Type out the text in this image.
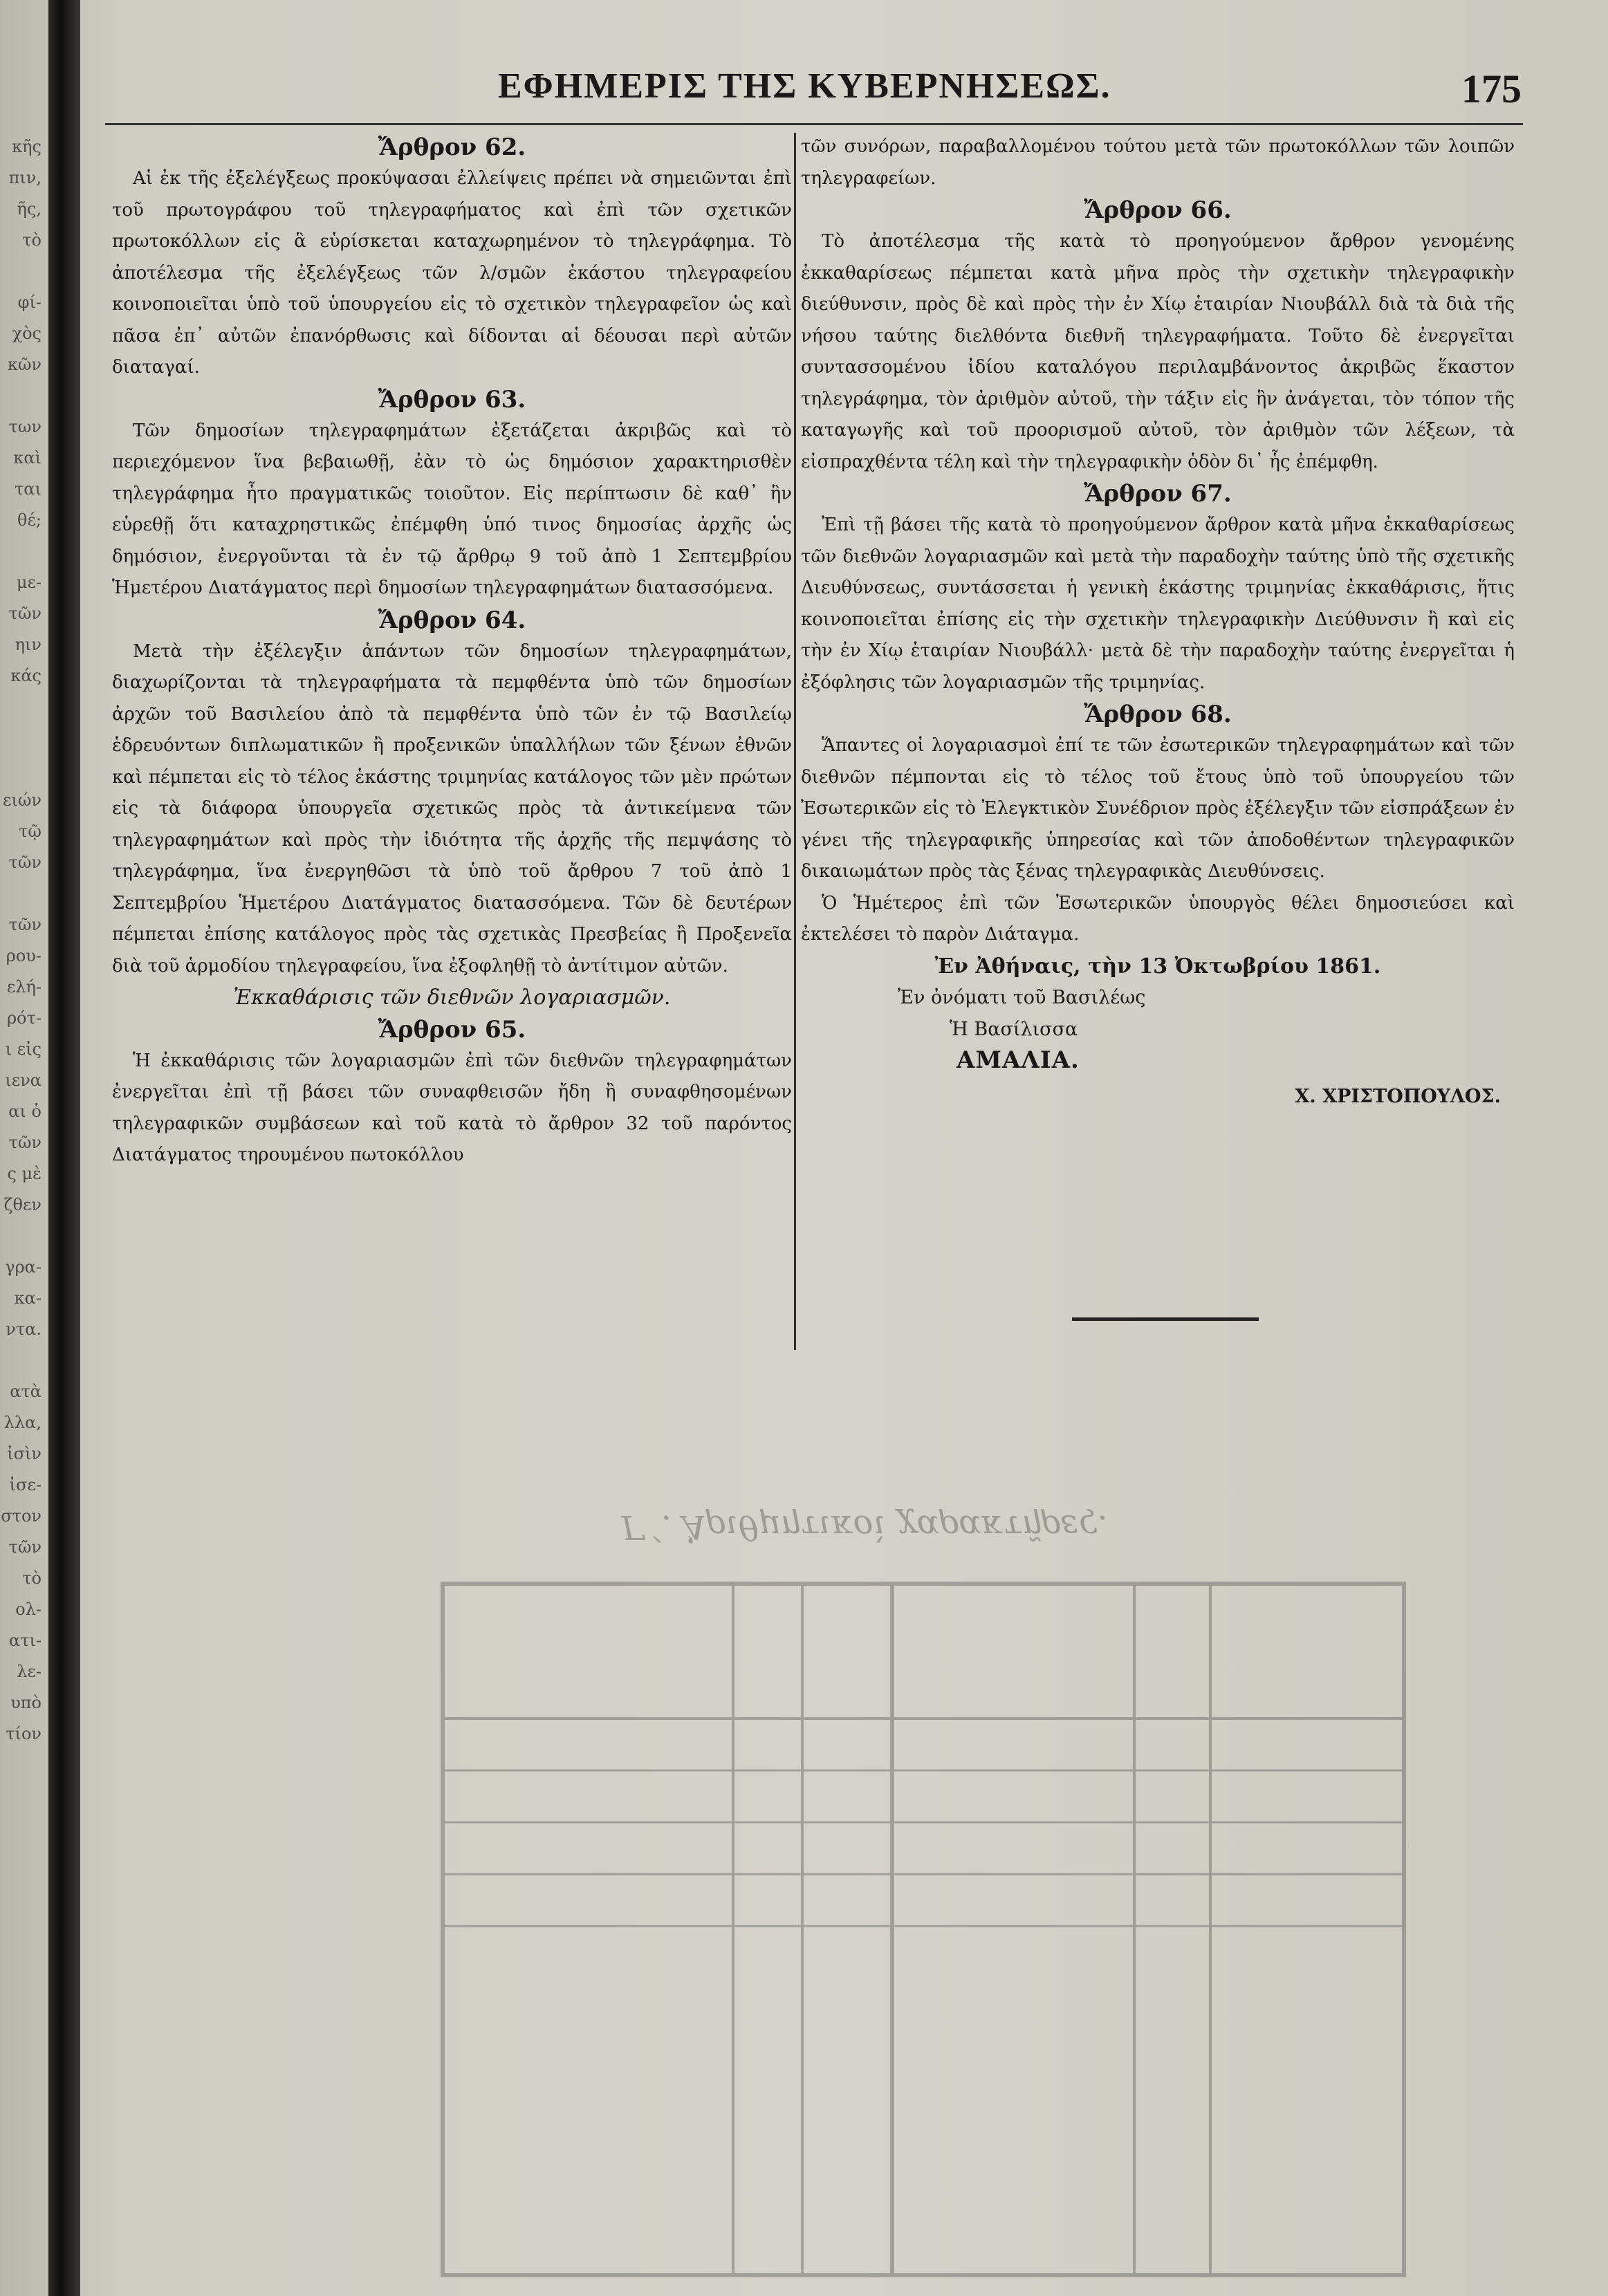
κῆς
πιν,
ῆς,
τὸ
φί-
χὸς
κῶν
των
καὶ
ται
θέ;
με-
τῶν
ηιν
κάς
ειών
τῷ
τῶν
τῶν
ρου-
ελή-
ρότ-
ι εἰς
ιενα
αι ὁ
τῶν
ς μὲ
ζθεν
γρα-
κα-
ντα.
ατὰ
λλα,
ἰσὶν
ἰσε-
στον
τῶν
τὸ
ολ-
ατι-
λε-
υπὸ
τίον
Γ΄. Ἀριθμητικοὶ χαρακτῆρες.
ΕΦΗΜΕΡΙΣ ΤΗΣ ΚΥΒΕΡΝΗΣΕΩΣ.	175
Ἄρθρον 62.
Αἱ ἐκ τῆς ἐξελέγξεως προκύψασαι ἐλλείψεις πρέπει νὰ σημειῶνται ἐπὶ τοῦ πρωτογράφου τοῦ τηλεγραφήματος καὶ ἐπὶ τῶν σχετικῶν πρωτοκόλλων εἰς ἃ εὑρίσκεται καταχωρημένον τὸ τηλεγράφημα. Τὸ ἀποτέλεσμα τῆς ἐξελέγξεως τῶν λ/σμῶν ἑκάστου τηλεγραφείου κοινοποιεῖται ὑπὸ τοῦ ὑπουργείου εἰς τὸ σχετικὸν τηλεγραφεῖον ὡς καὶ πᾶσα ἐπ᾽ αὐτῶν ἐπανόρθωσις καὶ δίδονται αἱ δέουσαι περὶ αὐτῶν διαταγαί.
Ἄρθρον 63.
Τῶν δημοσίων τηλεγραφημάτων ἐξετάζεται ἀκριβῶς καὶ τὸ περιεχόμενον ἵνα βεβαιωθῇ, ἐὰν τὸ ὡς δημόσιον χαρακτηρισθὲν τηλεγράφημα ἦτο πραγματικῶς τοιοῦτον. Εἰς περίπτωσιν δὲ καθ᾽ ἣν εὑρεθῇ ὅτι καταχρηστικῶς ἐπέμφθη ὑπό τινος δημοσίας ἀρχῆς ὡς δημόσιον, ἐνεργοῦνται τὰ ἐν τῷ ἄρθρῳ 9 τοῦ ἀπὸ 1 Σεπτεμβρίου Ἡμετέρου Διατάγματος περὶ δημοσίων τηλεγραφημάτων διατασσόμενα.
Ἄρθρον 64.
Μετὰ τὴν ἐξέλεγξιν ἁπάντων τῶν δημοσίων τηλεγραφημάτων, διαχωρίζονται τὰ τηλεγραφήματα τὰ πεμφθέντα ὑπὸ τῶν δημοσίων ἀρχῶν τοῦ Βασιλείου ἀπὸ τὰ πεμφθέντα ὑπὸ τῶν ἐν τῷ Βασιλείῳ ἑδρευόντων διπλωματικῶν ἢ προξενικῶν ὑπαλλήλων τῶν ξένων ἐθνῶν καὶ πέμπεται εἰς τὸ τέλος ἑκάστης τριμηνίας κατάλογος τῶν μὲν πρώτων εἰς τὰ διάφορα ὑπουργεῖα σχετικῶς πρὸς τὰ ἀντικείμενα τῶν τηλεγραφημάτων καὶ πρὸς τὴν ἰδιότητα τῆς ἀρχῆς τῆς πεμψάσης τὸ τηλεγράφημα, ἵνα ἐνεργηθῶσι τὰ ὑπὸ τοῦ ἄρθρου 7 τοῦ ἀπὸ 1 Σεπτεμβρίου Ἡμετέρου Διατάγματος διατασσόμενα. Τῶν δὲ δευτέρων πέμπεται ἐπίσης κατάλογος πρὸς τὰς σχετικὰς Πρεσβείας ἢ Προξενεῖα διὰ τοῦ ἁρμοδίου τηλεγραφείου, ἵνα ἐξοφληθῇ τὸ ἀντίτιμον αὐτῶν.
Ἐκκαθάρισις τῶν διεθνῶν λογαριασμῶν.
Ἄρθρον 65.
Ἡ ἐκκαθάρισις τῶν λογαριασμῶν ἐπὶ τῶν διεθνῶν τηλεγραφημάτων ἐνεργεῖται ἐπὶ τῇ βάσει τῶν συναφθεισῶν ἤδη ἢ συναφθησομένων τηλεγραφικῶν συμβάσεων καὶ τοῦ κατὰ τὸ ἄρθρον 32 τοῦ παρόντος Διατάγματος τηρουμένου πωτοκόλλου
τῶν συνόρων, παραβαλλομένου τούτου μετὰ τῶν πρωτοκόλλων τῶν λοιπῶν τηλεγραφείων.
Ἄρθρον 66.
Τὸ ἀποτέλεσμα τῆς κατὰ τὸ προηγούμενον ἄρθρον γενομένης ἐκκαθαρίσεως πέμπεται κατὰ μῆνα πρὸς τὴν σχετικὴν τηλεγραφικὴν διεύθυνσιν, πρὸς δὲ καὶ πρὸς τὴν ἐν Χίῳ ἑταιρίαν Νιουβάλλ διὰ τὰ διὰ τῆς νήσου ταύτης διελθόντα διεθνῆ τηλεγραφήματα. Τοῦτο δὲ ἐνεργεῖται συντασσομένου ἰδίου καταλόγου περιλαμβάνοντος ἀκριβῶς ἕκαστον τηλεγράφημα, τὸν ἀριθμὸν αὐτοῦ, τὴν τάξιν εἰς ἣν ἀνάγεται, τὸν τόπον τῆς καταγωγῆς καὶ τοῦ προορισμοῦ αὐτοῦ, τὸν ἀριθμὸν τῶν λέξεων, τὰ εἰσπραχθέντα τέλη καὶ τὴν τηλεγραφικὴν ὁδὸν δι᾽ ἧς ἐπέμφθη.
Ἄρθρον 67.
Ἐπὶ τῇ βάσει τῆς κατὰ τὸ προηγούμενον ἄρθρον κατὰ μῆνα ἐκκαθαρίσεως τῶν διεθνῶν λογαριασμῶν καὶ μετὰ τὴν παραδοχὴν ταύτης ὑπὸ τῆς σχετικῆς Διευθύνσεως, συντάσσεται ἡ γενικὴ ἑκάστης τριμηνίας ἐκκαθάρισις, ἥτις κοινοποιεῖται ἐπίσης εἰς τὴν σχετικὴν τηλεγραφικὴν Διεύθυνσιν ἢ καὶ εἰς τὴν ἐν Χίῳ ἑταιρίαν Νιουβάλλ· μετὰ δὲ τὴν παραδοχὴν ταύτης ἐνεργεῖται ἡ ἐξόφλησις τῶν λογαριασμῶν τῆς τριμηνίας.
Ἄρθρον 68.
Ἅπαντες οἱ λογαριασμοὶ ἐπί τε τῶν ἐσωτερικῶν τηλεγραφημάτων καὶ τῶν διεθνῶν πέμπονται εἰς τὸ τέλος τοῦ ἔτους ὑπὸ τοῦ ὑπουργείου τῶν Ἐσωτερικῶν εἰς τὸ Ἐλεγκτικὸν Συνέδριον πρὸς ἐξέλεγξιν τῶν εἰσπράξεων ἐν γένει τῆς τηλεγραφικῆς ὑπηρεσίας καὶ τῶν ἀποδοθέντων τηλεγραφικῶν δικαιωμάτων πρὸς τὰς ξένας τηλεγραφικὰς Διευθύνσεις.
Ὁ Ἡμέτερος ἐπὶ τῶν Ἐσωτερικῶν ὑπουργὸς θέλει δημοσιεύσει καὶ ἐκτελέσει τὸ παρὸν Διάταγμα.
Ἐν Ἀθήναις, τὴν 13 Ὀκτωβρίου 1861.
Ἐν ὀνόματι τοῦ Βασιλέως
Ἡ Βασίλισσα
ΑΜΑΛΙΑ.
Χ. ΧΡΙΣΤΟΠΟΥΛΟΣ.
